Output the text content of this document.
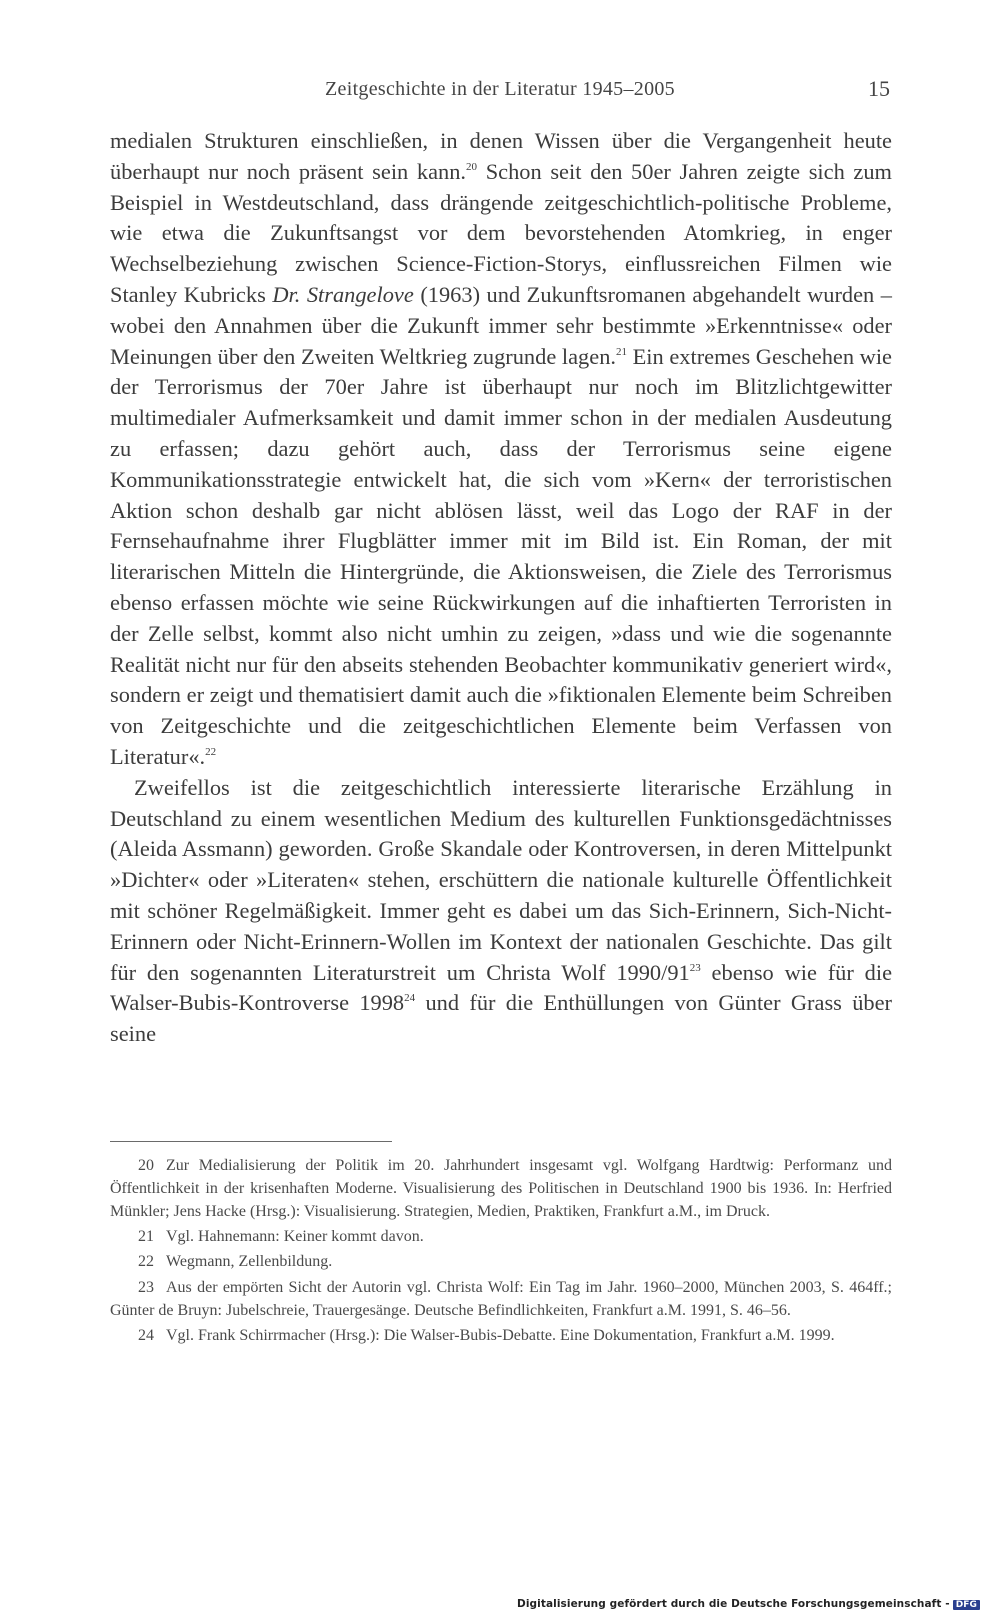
Zeitgeschichte in der Literatur 1945–2005	15

medialen Strukturen einschließen, in denen Wissen über die Vergangenheit heute überhaupt nur noch präsent sein kann.$^{20}$ Schon seit den 50er Jahren zeigte sich zum Beispiel in Westdeutschland, dass drängende zeitgeschichtlich-politische Probleme, wie etwa die Zukunftsangst vor dem bevorstehenden Atomkrieg, in enger Wechselbeziehung zwischen Science-Fiction-Storys, einflussreichen Filmen wie Stanley Kubricks Dr. Strangelove (1963) und Zukunftsromanen abgehandelt wurden – wobei den Annahmen über die Zukunft immer sehr bestimmte »Erkenntnisse« oder Meinungen über den Zweiten Weltkrieg zugrunde lagen.$^{21}$ Ein extremes Geschehen wie der Terrorismus der 70er Jahre ist überhaupt nur noch im Blitzlichtgewitter multimedialer Aufmerksamkeit und damit immer schon in der medialen Ausdeutung zu erfassen; dazu gehört auch, dass der Terrorismus seine eigene Kommunikationsstrategie entwickelt hat, die sich vom »Kern« der terroristischen Aktion schon deshalb gar nicht ablösen lässt, weil das Logo der RAF in der Fernsehaufnahme ihrer Flugblätter immer mit im Bild ist. Ein Roman, der mit literarischen Mitteln die Hintergründe, die Aktionsweisen, die Ziele des Terrorismus ebenso erfassen möchte wie seine Rückwirkungen auf die inhaftierten Terroristen in der Zelle selbst, kommt also nicht umhin zu zeigen, »dass und wie die sogenannte Realität nicht nur für den abseits stehenden Beobachter kommunikativ generiert wird«, sondern er zeigt und thematisiert damit auch die »fiktionalen Elemente beim Schreiben von Zeitgeschichte und die zeitgeschichtlichen Elemente beim Verfassen von Literatur«.$^{22}$

Zweifellos ist die zeitgeschichtlich interessierte literarische Erzählung in Deutschland zu einem wesentlichen Medium des kulturellen Funktionsgedächtnisses (Aleida Assmann) geworden. Große Skandale oder Kontroversen, in deren Mittelpunkt »Dichter« oder »Literaten« stehen, erschüttern die nationale kulturelle Öffentlichkeit mit schöner Regelmäßigkeit. Immer geht es dabei um das Sich-Erinnern, Sich-Nicht-Erinnern oder Nicht-Erinnern-Wollen im Kontext der nationalen Geschichte. Das gilt für den sogenannten Literaturstreit um Christa Wolf $1990/91^{23}$ ebenso wie für die Walser-Bubis-Kontroverse 1998$^{24}$ und für die Enthüllungen von Günter Grass über seine

20 Zur Medialisierung der Politik im 20. Jahrhundert insgesamt vgl. Wolfgang Hardtwig: Performanz und Öffentlichkeit in der krisenhaften Moderne. Visualisierung des Politischen in Deutschland 1900 bis 1936. In: Herfried Münkler; Jens Hacke (Hrsg.): Visualisierung. Strategien, Medien, Praktiken, Frankfurt a.M., im Druck.

21 Vgl. Hahnemann: Keiner kommt davon.

22 Wegmann, Zellenbildung.

23 Aus der empörten Sicht der Autorin vgl. Christa Wolf: Ein Tag im Jahr. 1960–2000, München 2003, S. 464ff.; Günter de Bruyn: Jubelschreie, Trauergesänge. Deutsche Befindlichkeiten, Frankfurt a.M. 1991, S. 46–56.

24 Vgl. Frank Schirrmacher (Hrsg.): Die Walser-Bubis-Debatte. Eine Dokumentation, Frankfurt a.M. 1999.

Digitalisierung gefördert durch die Deutsche Forschungsgemeinschaft - DFG
